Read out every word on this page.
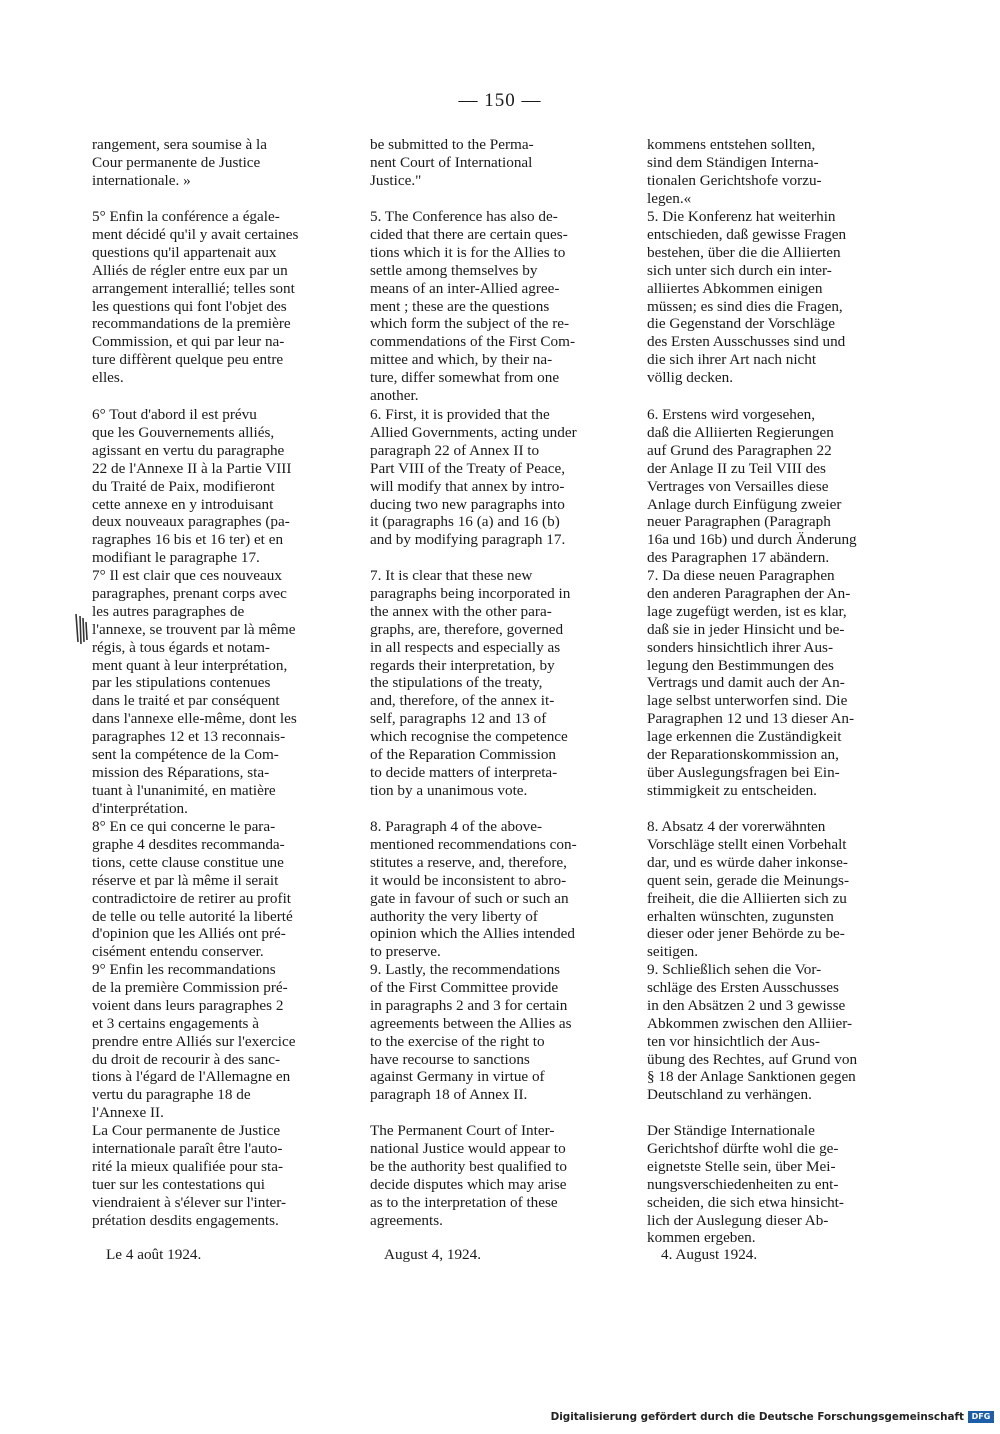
— 150 —

rangement, sera soumise à la
Cour permanente de Justice
internationale. »

5° Enfin la conférence a égale-
ment décidé qu'il y avait certaines
questions qu'il appartenait aux
Alliés de régler entre eux par un
arrangement interallié; telles sont
les questions qui font l'objet des
recommandations de la première
Commission, et qui par leur na-
ture diffèrent quelque peu entre
elles.

6° Tout d'abord il est prévu
que les Gouvernements alliés,
agissant en vertu du paragraphe
22 de l'Annexe II à la Partie VIII
du Traité de Paix, modifieront
cette annexe en y introduisant
deux nouveaux paragraphes (pa-
ragraphes 16 bis et 16 ter) et en
modifiant le paragraphe 17.

7° Il est clair que ces nouveaux
paragraphes, prenant corps avec
les autres paragraphes de
l'annexe, se trouvent par là même
régis, à tous égards et notam-
ment quant à leur interprétation,
par les stipulations contenues
dans le traité et par conséquent
dans l'annexe elle-même, dont les
paragraphes 12 et 13 reconnais-
sent la compétence de la Com-
mission des Réparations, sta-
tuant à l'unanimité, en matière
d'interprétation.

8° En ce qui concerne le para-
graphe 4 desdites recommanda-
tions, cette clause constitue une
réserve et par là même il serait
contradictoire de retirer au profit
de telle ou telle autorité la liberté
d'opinion que les Alliés ont pré-
cisément entendu conserver.

9° Enfin les recommandations
de la première Commission pré-
voient dans leurs paragraphes 2
et 3 certains engagements à
prendre entre Alliés sur l'exercice
du droit de recourir à des sanc-
tions à l'égard de l'Allemagne en
vertu du paragraphe 18 de
l'Annexe II.

La Cour permanente de Justice
internationale paraît être l'auto-
rité la mieux qualifiée pour sta-
tuer sur les contestations qui
viendraient à s'élever sur l'inter-
prétation desdits engagements.

Le 4 août 1924.

be submitted to the Perma-
nent Court of International
Justice."

5. The Conference has also de-
cided that there are certain ques-
tions which it is for the Allies to
settle among themselves by
means of an inter-Allied agree-
ment ; these are the questions
which form the subject of the re-
commendations of the First Com-
mittee and which, by their na-
ture, differ somewhat from one
another.

6. First, it is provided that the
Allied Governments, acting under
paragraph 22 of Annex II to
Part VIII of the Treaty of Peace,
will modify that annex by intro-
ducing two new paragraphs into
it (paragraphs 16 (a) and 16 (b)
and by modifying paragraph 17.

7. It is clear that these new
paragraphs being incorporated in
the annex with the other para-
graphs, are, therefore, governed
in all respects and especially as
regards their interpretation, by
the stipulations of the treaty,
and, therefore, of the annex it-
self, paragraphs 12 and 13 of
which recognise the competence
of the Reparation Commission
to decide matters of interpreta-
tion by a unanimous vote.

8. Paragraph 4 of the above-
mentioned recommendations con-
stitutes a reserve, and, therefore,
it would be inconsistent to abro-
gate in favour of such or such an
authority the very liberty of
opinion which the Allies intended
to preserve.

9. Lastly, the recommendations
of the First Committee provide
in paragraphs 2 and 3 for certain
agreements between the Allies as
to the exercise of the right to
have recourse to sanctions
against Germany in virtue of
paragraph 18 of Annex II.

The Permanent Court of Inter-
national Justice would appear to
be the authority best qualified to
decide disputes which may arise
as to the interpretation of these
agreements.

August 4, 1924.

kommens entstehen sollten,
sind dem Ständigen Interna-
tionalen Gerichtshofe vorzu-
legen.«

5. Die Konferenz hat weiterhin
entschieden, daß gewisse Fragen
bestehen, über die die Alliierten
sich unter sich durch ein inter-
alliiertes Abkommen einigen
müssen; es sind dies die Fragen,
die Gegenstand der Vorschläge
des Ersten Ausschusses sind und
die sich ihrer Art nach nicht
völlig decken.

6. Erstens wird vorgesehen,
daß die Alliierten Regierungen
auf Grund des Paragraphen 22
der Anlage II zu Teil VIII des
Vertrages von Versailles diese
Anlage durch Einfügung zweier
neuer Paragraphen (Paragraph
16a und 16b) und durch Änderung
des Paragraphen 17 abändern.

7. Da diese neuen Paragraphen
den anderen Paragraphen der An-
lage zugefügt werden, ist es klar,
daß sie in jeder Hinsicht und be-
sonders hinsichtlich ihrer Aus-
legung den Bestimmungen des
Vertrags und damit auch der An-
lage selbst unterworfen sind. Die
Paragraphen 12 und 13 dieser An-
lage erkennen die Zuständigkeit
der Reparationskommission an,
über Auslegungsfragen bei Ein-
stimmigkeit zu entscheiden.

8. Absatz 4 der vorerwähnten
Vorschläge stellt einen Vorbehalt
dar, und es würde daher inkonse-
quent sein, gerade die Meinungs-
freiheit, die die Alliierten sich zu
erhalten wünschten, zugunsten
dieser oder jener Behörde zu be-
seitigen.

9. Schließlich sehen die Vor-
schläge des Ersten Ausschusses
in den Absätzen 2 und 3 gewisse
Abkommen zwischen den Alliier-
ten vor hinsichtlich der Aus-
übung des Rechtes, auf Grund von
§ 18 der Anlage Sanktionen gegen
Deutschland zu verhängen.

Der Ständige Internationale
Gerichtshof dürfte wohl die ge-
eignetste Stelle sein, über Mei-
nungsverschiedenheiten zu ent-
scheiden, die sich etwa hinsicht-
lich der Auslegung dieser Ab-
kommen ergeben.

4. August 1924.

Digitalisierung gefördert durch die Deutsche Forschungsgemeinschaft DFG
